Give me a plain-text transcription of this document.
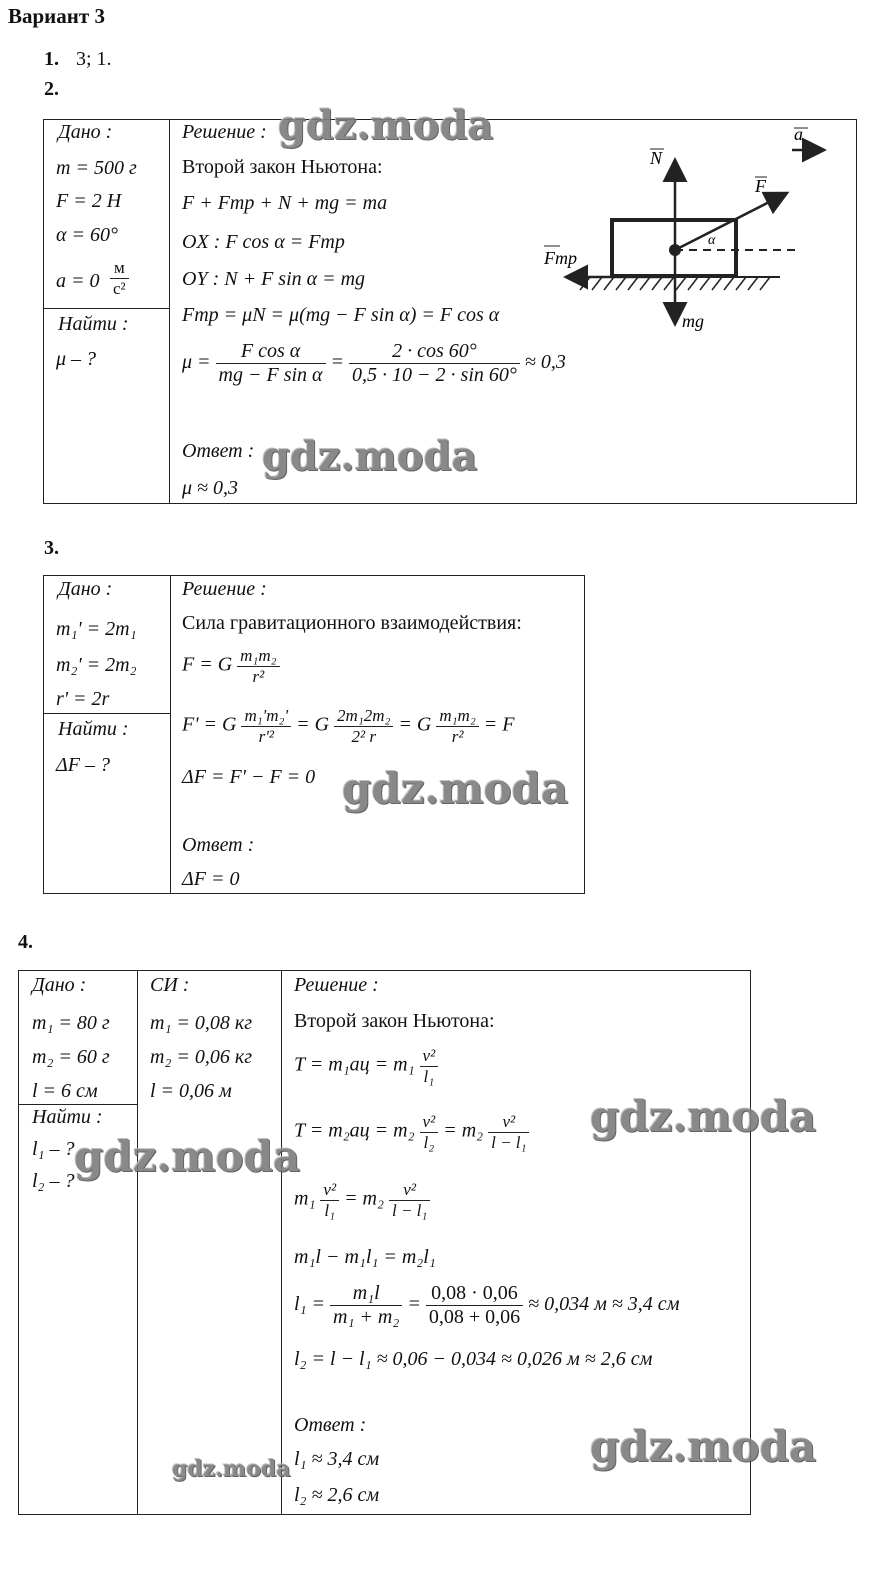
Вариант 3
1. 3; 1.
2.
Дано :
m = 500 г
F = 2 Н
α = 60°
$a = 0 \frac{м}{\text{с²}}$
Найти :
μ – ?
Решение :
Второй закон Ньютона:
F + Fтр + N + mg = ma
OX : F cos α = Fтр
OY : N + F sin α = mg
Fтр = μN = μ(mg − F sin α) = F cos α
$\mu = \frac{\text{F cos α}}{\text{mg − F sin α}} = \frac{2 \cdot \cos 60^\circ}{0,5 \cdot 10 - 2 \cdot \sin 60^\circ} \approx 0,3$
Ответ :
μ ≈ 0,3
a
N
F
α
Fтр
mg
3.
Дано :
m₁' = 2m₁
m₂' = 2m₂
r' = 2r
Найти :
ΔF – ?
Решение :
Сила гравитационного взаимодействия:
F = G $\frac{\text{m₁m₂}}{\text{r²}}$
F' = G $\frac{\text{m₁'m₂'}}{\text{r'²}} = G \frac{\text{2m₁2m₂}}{\text{2² r}} = G \frac{\text{m₁m₂}}{\text{r²}} = F$
ΔF = F' − F = 0
Ответ :
ΔF = 0
4.
Дано :
m₁ = 80 г
m₂ = 60 г
l = 6 см
Найти :
l₁ – ?
l₂ – ?
СИ :
m₁ = 0,08 кг
m₂ = 0,06 кг
l = 0,06 м
Решение :
Второй закон Ньютона:
$T = m_1aц = m_1 \frac{\text{v²}}{\text{l₁}}$
$T = m_2aц = m_2 \frac{\text{v²}}{\text{l₂}} = m_2 \frac{\text{v²}}{\text{l − l₁}}$
$m_1 \frac{\text{v²}}{\text{l₁}} = m_2 \frac{\text{v²}}{\text{l − l₁}}$
m₁l − m₁l₁ = m₂l₁
$l_1 = \frac{\text{m₁l}}{\text{m₁ + m₂}} = \frac{0,08 \cdot 0,06}{0,08 + 0,06} \approx 0,034$ м ≈ 3,4 см
l₂ = l − l₁ ≈ 0,06 − 0,034 ≈ 0,026 м ≈ 2,6 см
Ответ :
l₁ ≈ 3,4 см
l₂ ≈ 2,6 см
gdz.moda
gdz.moda
gdz.moda
gdz.moda
gdz.moda
gdz.moda
gdz.moda
